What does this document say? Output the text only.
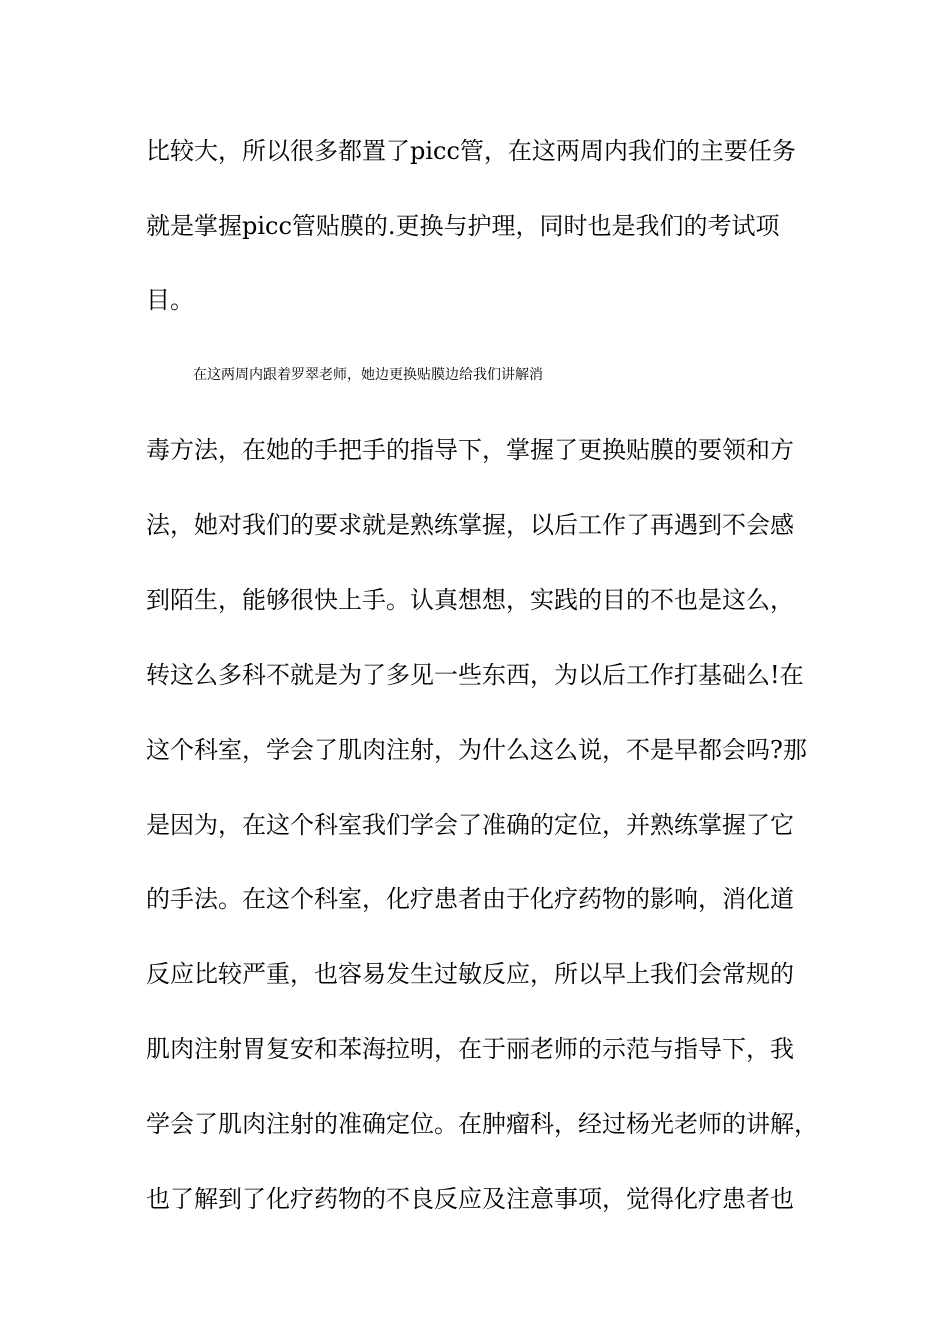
比较大，所以很多都置了picc管，在这两周内我们的主要任务
就是掌握picc管贴膜的.更换与护理，同时也是我们的考试项
目。
在这两周内跟着罗翠老师，她边更换贴膜边给我们讲解消
毒方法，在她的手把手的指导下，掌握了更换贴膜的要领和方
法，她对我们的要求就是熟练掌握，以后工作了再遇到不会感
到陌生，能够很快上手。认真想想，实践的目的不也是这么，
转这么多科不就是为了多见一些东西，为以后工作打基础么!在
这个科室，学会了肌肉注射，为什么这么说，不是早都会吗?那
是因为，在这个科室我们学会了准确的定位，并熟练掌握了它
的手法。在这个科室，化疗患者由于化疗药物的影响，消化道
反应比较严重，也容易发生过敏反应，所以早上我们会常规的
肌肉注射胃复安和苯海拉明，在于丽老师的示范与指导下，我
学会了肌肉注射的准确定位。在肿瘤科，经过杨光老师的讲解，
也了解到了化疗药物的不良反应及注意事项，觉得化疗患者也
